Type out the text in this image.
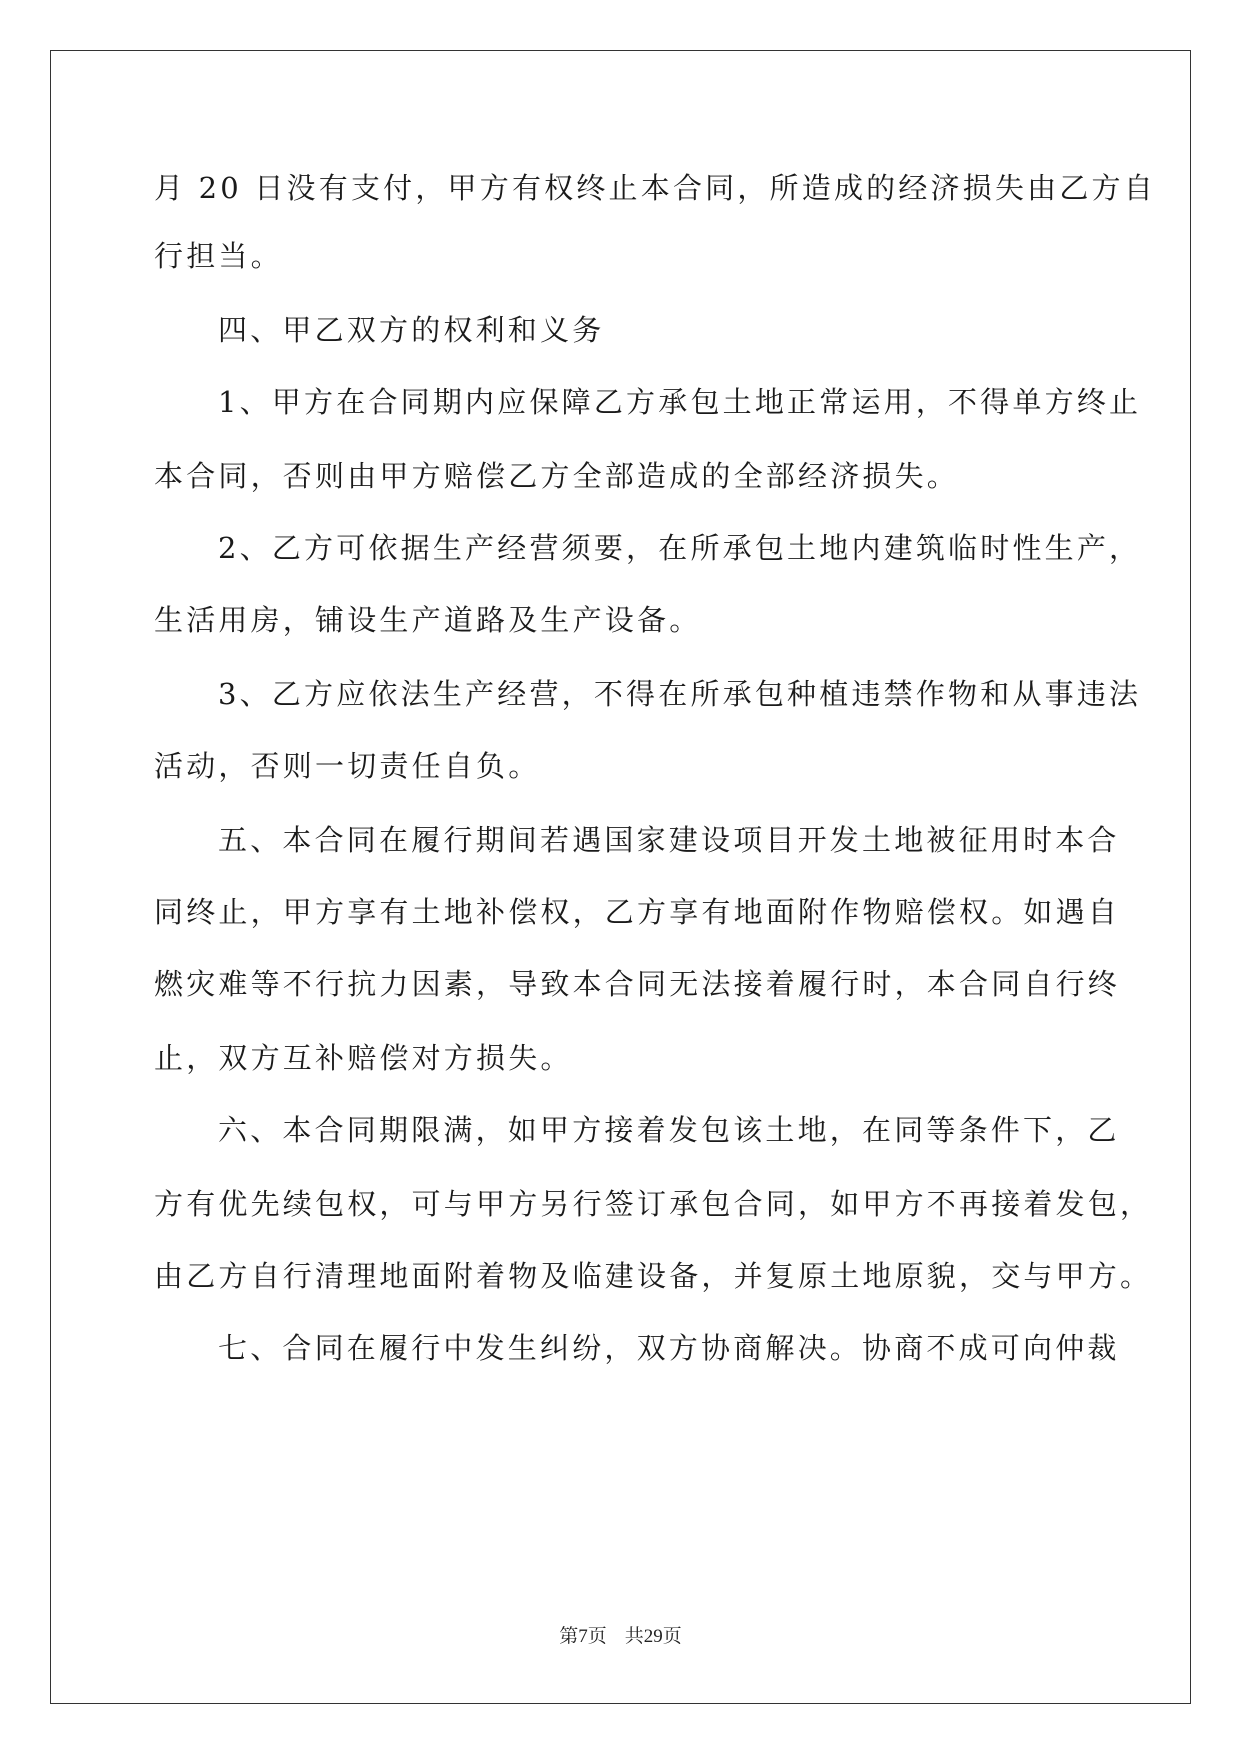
月 20 日没有支付，甲方有权终止本合同，所造成的经济损失由乙方自
行担当。
四、甲乙双方的权利和义务
1、甲方在合同期内应保障乙方承包土地正常运用，不得单方终止
本合同，否则由甲方赔偿乙方全部造成的全部经济损失。
2、乙方可依据生产经营须要，在所承包土地内建筑临时性生产，
生活用房，铺设生产道路及生产设备。
3、乙方应依法生产经营，不得在所承包种植违禁作物和从事违法
活动，否则一切责任自负。
五、本合同在履行期间若遇国家建设项目开发土地被征用时本合
同终止，甲方享有土地补偿权，乙方享有地面附作物赔偿权。如遇自
燃灾难等不行抗力因素，导致本合同无法接着履行时，本合同自行终
止，双方互补赔偿对方损失。
六、本合同期限满，如甲方接着发包该土地，在同等条件下，乙
方有优先续包权，可与甲方另行签订承包合同，如甲方不再接着发包，
由乙方自行清理地面附着物及临建设备，并复原土地原貌，交与甲方。
七、合同在履行中发生纠纷，双方协商解决。协商不成可向仲裁
第7页 共29页
